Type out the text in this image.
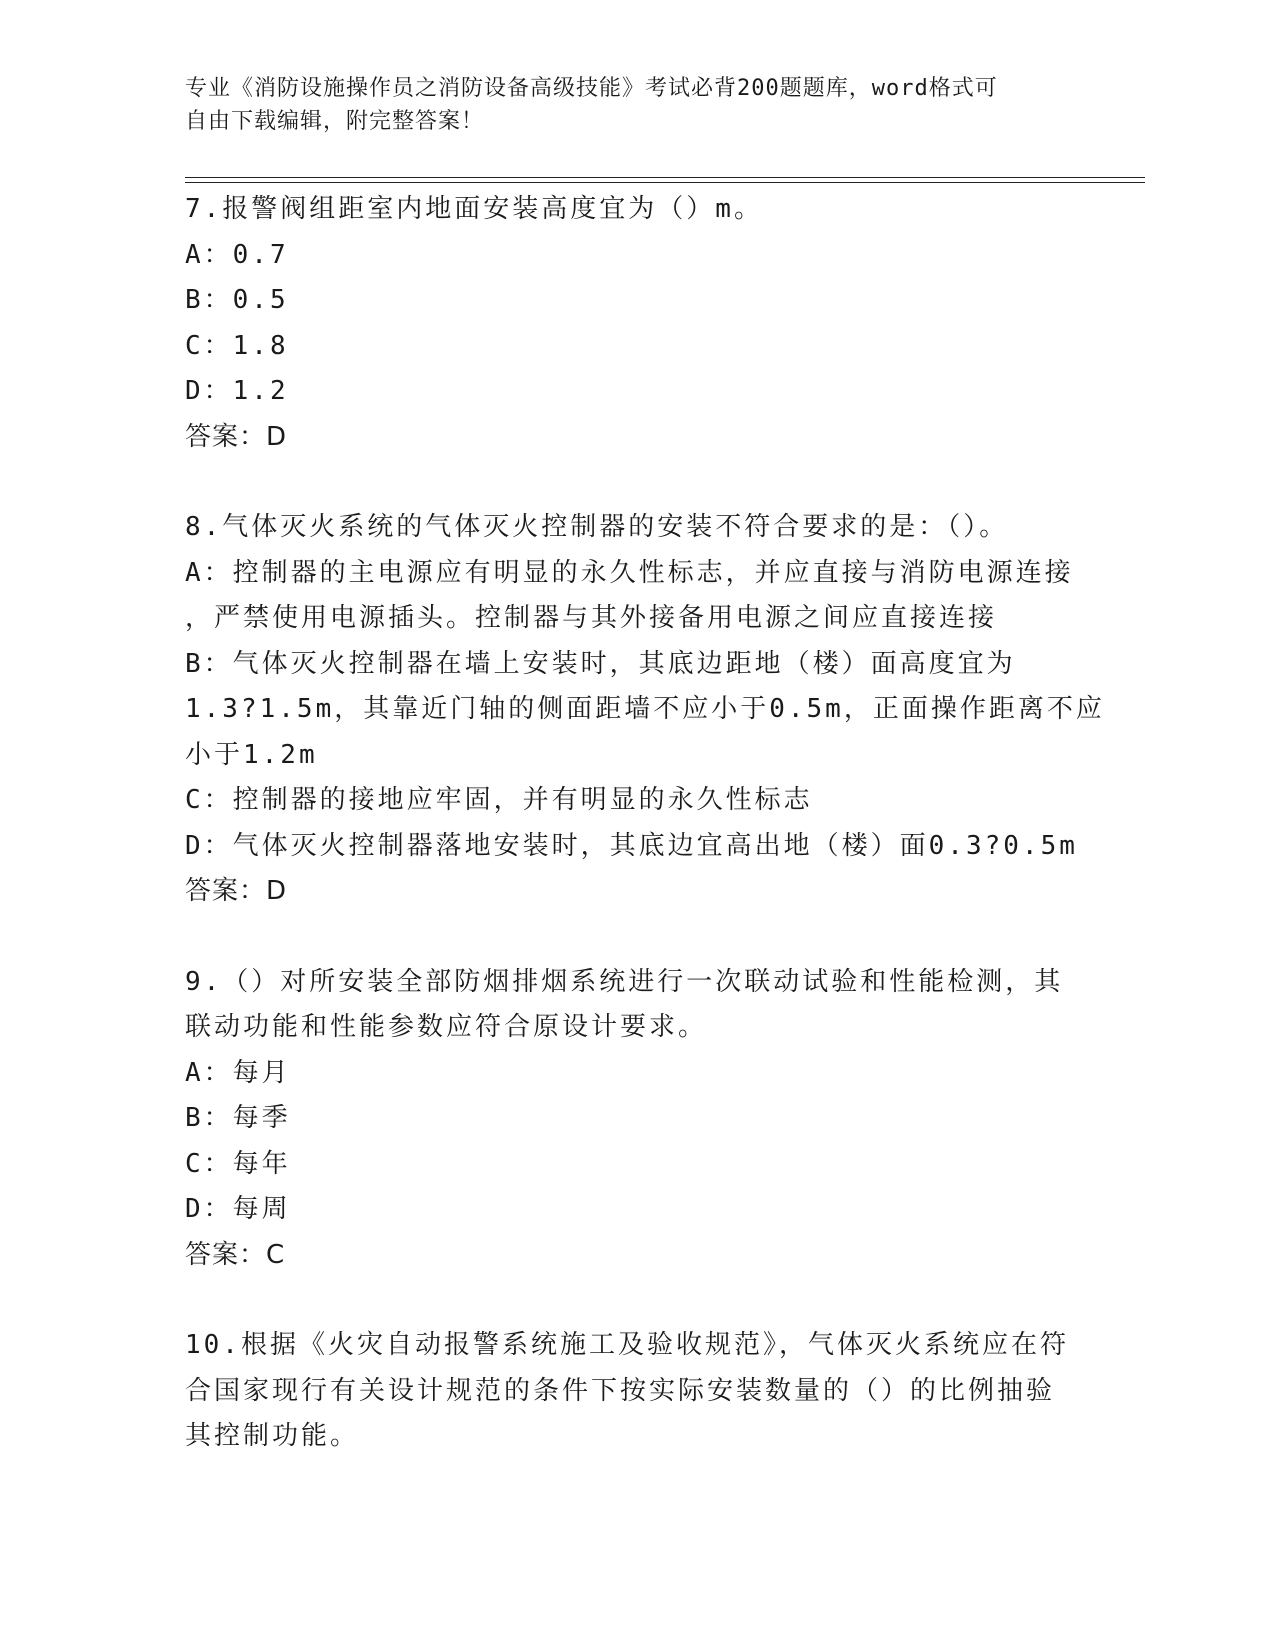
专业《消防设施操作员之消防设备高级技能》考试必背200题题库，word格式可
自由下载编辑，附完整答案！
7.报警阀组距室内地面安装高度宜为（）m。
A：0.7
B：0.5
C：1.8
D：1.2
答案：D
8.气体灭火系统的气体灭火控制器的安装不符合要求的是：（）。
A：控制器的主电源应有明显的永久性标志，并应直接与消防电源连接
，严禁使用电源插头。控制器与其外接备用电源之间应直接连接
B：气体灭火控制器在墙上安装时，其底边距地（楼）面高度宜为
1.3?1.5m，其靠近门轴的侧面距墙不应小于0.5m，正面操作距离不应
小于1.2m
C：控制器的接地应牢固，并有明显的永久性标志
D：气体灭火控制器落地安装时，其底边宜高出地（楼）面0.3?0.5m
答案：D
9.（）对所安装全部防烟排烟系统进行一次联动试验和性能检测，其
联动功能和性能参数应符合原设计要求。
A：每月
B：每季
C：每年
D：每周
答案：C
10.根据《火灾自动报警系统施工及验收规范》，气体灭火系统应在符
合国家现行有关设计规范的条件下按实际安装数量的（）的比例抽验
其控制功能。
